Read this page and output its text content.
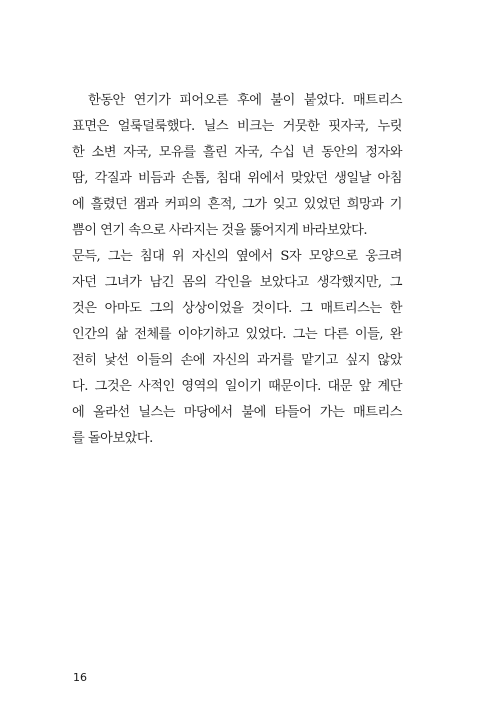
한동안 연기가 피어오른 후에 불이 붙었다. 매트리스
표면은 얼룩덜룩했다. 닐스 비크는 거뭇한 핏자국, 누릿
한 소변 자국, 모유를 흘린 자국, 수십 년 동안의 정자와
땀, 각질과 비듬과 손톱, 침대 위에서 맞았던 생일날 아침
에 흘렸던 잼과 커피의 흔적, 그가 잊고 있었던 희망과 기
쁨이 연기 속으로 사라지는 것을 뚫어지게 바라보았다.
문득, 그는 침대 위 자신의 옆에서 S자 모양으로 웅크려
자던 그녀가 남긴 몸의 각인을 보았다고 생각했지만, 그
것은 아마도 그의 상상이었을 것이다. 그 매트리스는 한
인간의 삶 전체를 이야기하고 있었다. 그는 다른 이들, 완
전히 낯선 이들의 손에 자신의 과거를 맡기고 싶지 않았
다. 그것은 사적인 영역의 일이기 때문이다. 대문 앞 계단
에 올라선 닐스는 마당에서 불에 타들어 가는 매트리스
를 돌아보았다.
16
